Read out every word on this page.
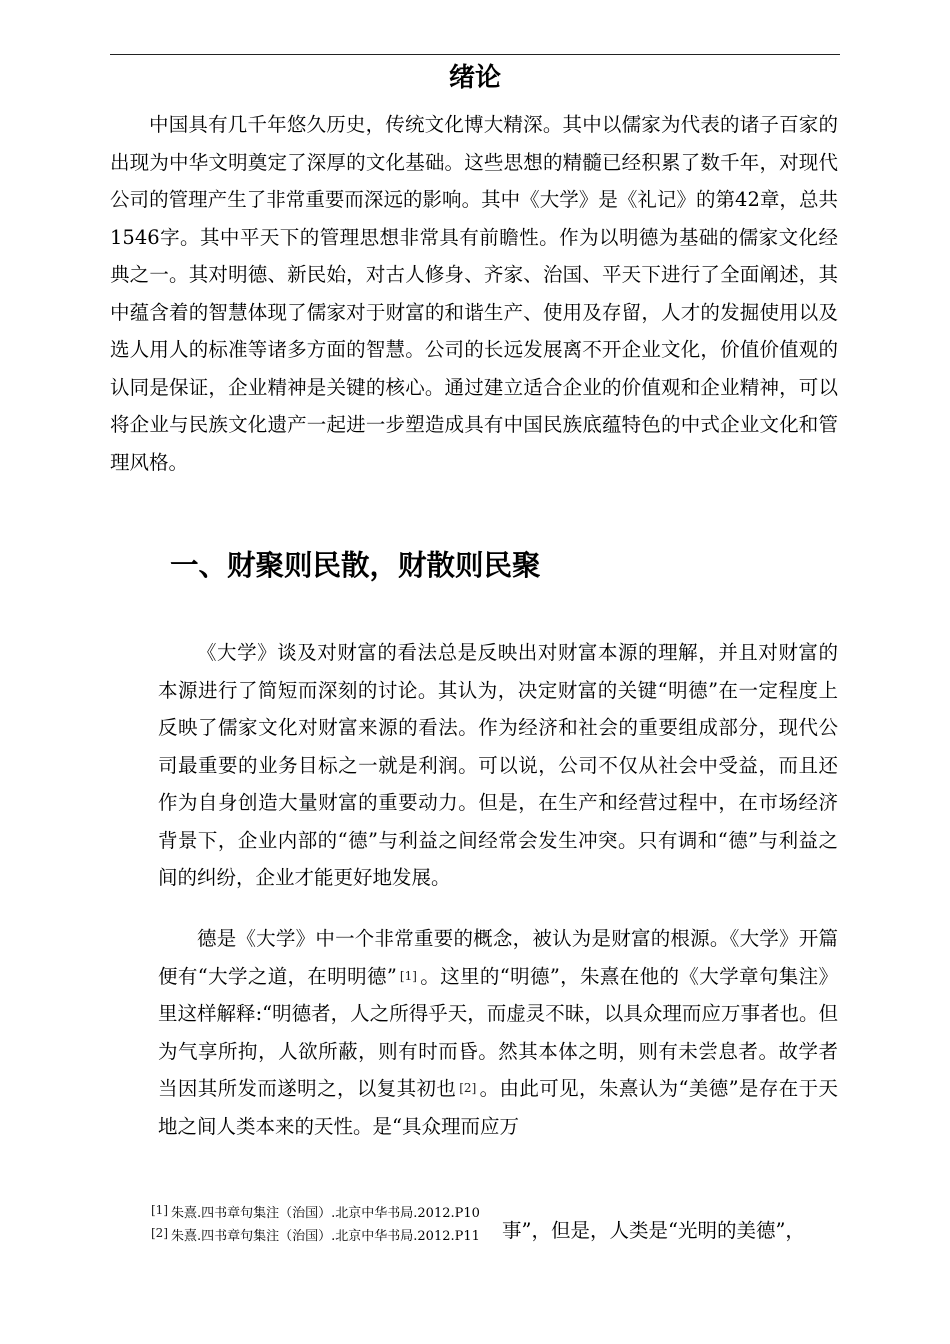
绪论

中国具有几千年悠久历史，传统文化博大精深。其中以儒家为代表的诸子百家的出现为中华文明奠定了深厚的文化基础。这些思想的精髓已经积累了数千年，对现代公司的管理产生了非常重要而深远的影响。其中《大学》是《礼记》的第42章，总共1546字。其中平天下的管理思想非常具有前瞻性。作为以明德为基础的儒家文化经典之一。其对明德、新民始，对古人修身、齐家、治国、平天下进行了全面阐述，其中蕴含着的智慧体现了儒家对于财富的和谐生产、使用及存留，人才的发掘使用以及选人用人的标准等诸多方面的智慧。公司的长远发展离不开企业文化，价值价值观的认同是保证，企业精神是关键的核心。通过建立适合企业的价值观和企业精神，可以将企业与民族文化遗产一起进一步塑造成具有中国民族底蕴特色的中式企业文化和管理风格。

一、财聚则民散，财散则民聚

《大学》谈及对财富的看法总是反映出对财富本源的理解，并且对财富的本源进行了简短而深刻的讨论。其认为，决定财富的关键“明德”在一定程度上反映了儒家文化对财富来源的看法。作为经济和社会的重要组成部分，现代公司最重要的业务目标之一就是利润。可以说，公司不仅从社会中受益，而且还作为自身创造大量财富的重要动力。但是，在生产和经营过程中，在市场经济背景下，企业内部的“德”与利益之间经常会发生冲突。只有调和“德”与利益之间的纠纷，企业才能更好地发展。

德是《大学》中一个非常重要的概念，被认为是财富的根源。《大学》开篇便有“大学之道，在明明德” [1] 。这里的“明德”，朱熹在他的《大学章句集注》里这样解释:“明德者，人之所得乎天，而虚灵不昧，以具众理而应万事者也。但为气享所拘，人欲所蔽，则有时而昏。然其本体之明，则有未尝息者。故学者当因其所发而遂明之，以复其初也 [2] 。由此可见，朱熹认为“美德”是存在于天地之间人类本来的天性。是“具众理而应万

[1] 朱熹.四书章句集注（治国）.北京中华书局.2012.P10

[2] 朱熹.四书章句集注（治国）.北京中华书局.2012.P11 事”，但是，人类是“光明的美德”，
